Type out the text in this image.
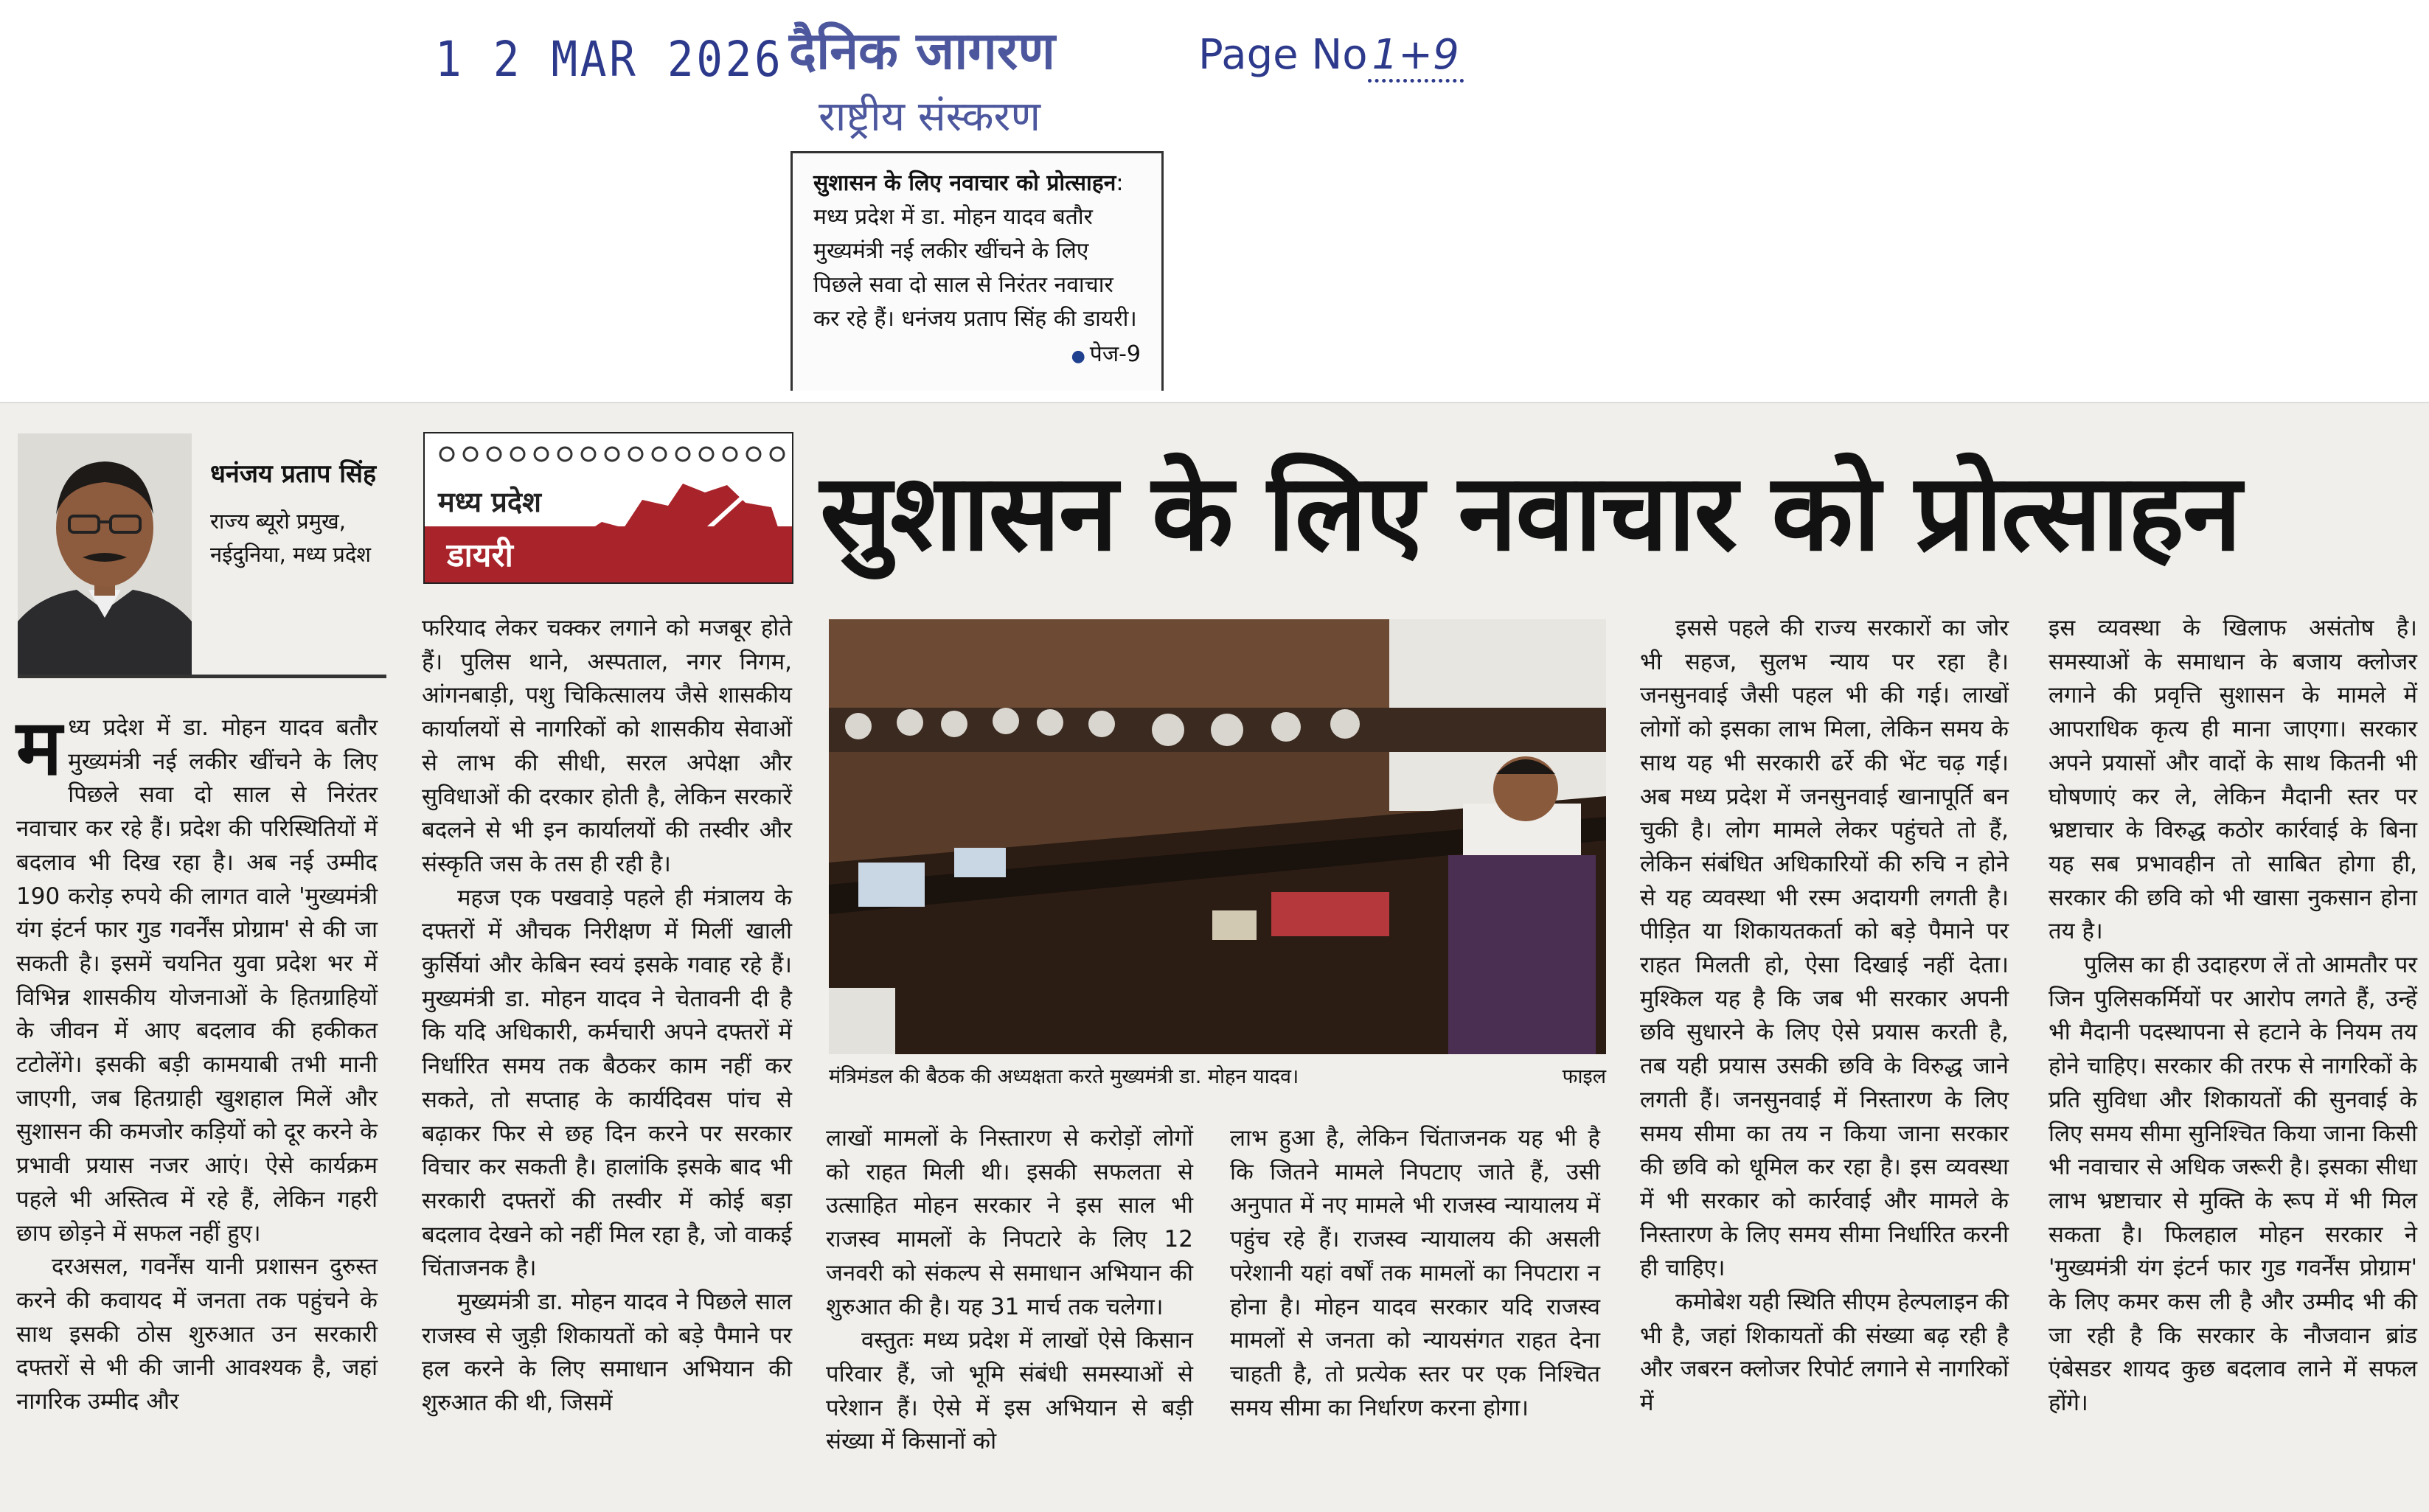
1 2 MAR 2026 दैनिक जागरण
राष्ट्रीय संस्करण
Page No 1+9
सुशासन के लिए नवाचार को प्रोत्साहन: मध्य प्रदेश में डा. मोहन यादव बतौर मुख्यमंत्री नई लकीर खींचने के लिए पिछले सवा दो साल से निरंतर नवाचार कर रहे हैं। धनंजय प्रताप सिंह की डायरी।
● पेज-9
धनंजय प्रताप सिंह
राज्य ब्यूरो प्रमुख,
नईदुनिया, मध्य प्रदेश
मध्य प्रदेश
डायरी	सुशासन के लिए नवाचार को प्रोत्साहन
मंत्रिमंडल की बैठक की अध्यक्षता करते मुख्यमंत्री डा. मोहन यादव।	फाइल

मध्य प्रदेश में डा. मोहन यादव बतौर मुख्यमंत्री नई लकीर खींचने के लिए पिछले सवा दो साल से निरंतर नवाचार कर रहे हैं। प्रदेश की परिस्थितियों में बदलाव भी दिख रहा है। अब नई उम्मीद 190 करोड़ रुपये की लागत वाले 'मुख्यमंत्री यंग इंटर्न फार गुड गवर्नेंस प्रोग्राम' से की जा सकती है। इसमें चयनित युवा प्रदेश भर में विभिन्न शासकीय योजनाओं के हितग्राहियों के जीवन में आए बदलाव की हकीकत टटोलेंगे। इसकी बड़ी कामयाबी तभी मानी जाएगी, जब हितग्राही खुशहाल मिलें और सुशासन की कमजोर कड़ियों को दूर करने के प्रभावी प्रयास नजर आएं। ऐसे कार्यक्रम पहले भी अस्तित्व में रहे हैं, लेकिन गहरी छाप छोड़ने में सफल नहीं हुए।

दरअसल, गवर्नेंस यानी प्रशासन दुरुस्त करने की कवायद में जनता तक पहुंचने के साथ इसकी ठोस शुरुआत उन सरकारी दफ्तरों से भी की जानी आवश्यक है, जहां नागरिक उम्मीद और

फरियाद लेकर चक्कर लगाने को मजबूर होते हैं। पुलिस थाने, अस्पताल, नगर निगम, आंगनबाड़ी, पशु चिकित्सालय जैसे शासकीय कार्यालयों से नागरिकों को शासकीय सेवाओं से लाभ की सीधी, सरल अपेक्षा और सुविधाओं की दरकार होती है, लेकिन सरकारें बदलने से भी इन कार्यालयों की तस्वीर और संस्कृति जस के तस ही रही है।

महज एक पखवाड़े पहले ही मंत्रालय के दफ्तरों में औचक निरीक्षण में मिलीं खाली कुर्सियां और केबिन स्वयं इसके गवाह रहे हैं। मुख्यमंत्री डा. मोहन यादव ने चेतावनी दी है कि यदि अधिकारी, कर्मचारी अपने दफ्तरों में निर्धारित समय तक बैठकर काम नहीं कर सकते, तो सप्ताह के कार्यदिवस पांच से बढ़ाकर फिर से छह दिन करने पर सरकार विचार कर सकती है। हालांकि इसके बाद भी सरकारी दफ्तरों की तस्वीर में कोई बड़ा बदलाव देखने को नहीं मिल रहा है, जो वाकई चिंताजनक है।

मुख्यमंत्री डा. मोहन यादव ने पिछले साल राजस्व से जुड़ी शिकायतों को बड़े पैमाने पर हल करने के लिए समाधान अभियान की शुरुआत की थी, जिसमें

लाखों मामलों के निस्तारण से करोड़ों लोगों को राहत मिली थी। इसकी सफलता से उत्साहित मोहन सरकार ने इस साल भी राजस्व मामलों के निपटारे के लिए 12 जनवरी को संकल्प से समाधान अभियान की शुरुआत की है। यह 31 मार्च तक चलेगा।

वस्तुतः मध्य प्रदेश में लाखों ऐसे किसान परिवार हैं, जो भूमि संबंधी समस्याओं से परेशान हैं। ऐसे में इस अभियान से बड़ी संख्या में किसानों को

लाभ हुआ है, लेकिन चिंताजनक यह भी है कि जितने मामले निपटाए जाते हैं, उसी अनुपात में नए मामले भी राजस्व न्यायालय में पहुंच रहे हैं। राजस्व न्यायालय की असली परेशानी यहां वर्षों तक मामलों का निपटारा न होना है। मोहन यादव सरकार यदि राजस्व मामलों से जनता को न्यायसंगत राहत देना चाहती है, तो प्रत्येक स्तर पर एक निश्चित समय सीमा का निर्धारण करना होगा।

इससे पहले की राज्य सरकारों का जोर भी सहज, सुलभ न्याय पर रहा है। जनसुनवाई जैसी पहल भी की गई। लाखों लोगों को इसका लाभ मिला, लेकिन समय के साथ यह भी सरकारी ढर्रे की भेंट चढ़ गई। अब मध्य प्रदेश में जनसुनवाई खानापूर्ति बन चुकी है। लोग मामले लेकर पहुंचते तो हैं, लेकिन संबंधित अधिकारियों की रुचि न होने से यह व्यवस्था भी रस्म अदायगी लगती है। पीड़ित या शिकायतकर्ता को बड़े पैमाने पर राहत मिलती हो, ऐसा दिखाई नहीं देता। मुश्किल यह है कि जब भी सरकार अपनी छवि सुधारने के लिए ऐसे प्रयास करती है, तब यही प्रयास उसकी छवि के विरुद्ध जाने लगती हैं। जनसुनवाई में निस्तारण के लिए समय सीमा का तय न किया जाना सरकार की छवि को धूमिल कर रहा है। इस व्यवस्था में भी सरकार को कार्रवाई और मामले के निस्तारण के लिए समय सीमा निर्धारित करनी ही चाहिए।

कमोबेश यही स्थिति सीएम हेल्पलाइन की भी है, जहां शिकायतों की संख्या बढ़ रही है और जबरन क्लोजर रिपोर्ट लगाने से नागरिकों में

इस व्यवस्था के खिलाफ असंतोष है। समस्याओं के समाधान के बजाय क्लोजर लगाने की प्रवृत्ति सुशासन के मामले में आपराधिक कृत्य ही माना जाएगा। सरकार अपने प्रयासों और वादों के साथ कितनी भी घोषणाएं कर ले, लेकिन मैदानी स्तर पर भ्रष्टाचार के विरुद्ध कठोर कार्रवाई के बिना यह सब प्रभावहीन तो साबित होगा ही, सरकार की छवि को भी खासा नुकसान होना तय है।

पुलिस का ही उदाहरण लें तो आमतौर पर जिन पुलिसकर्मियों पर आरोप लगते हैं, उन्हें भी मैदानी पदस्थापना से हटाने के नियम तय होने चाहिए। सरकार की तरफ से नागरिकों के प्रति सुविधा और शिकायतों की सुनवाई के लिए समय सीमा सुनिश्चित किया जाना किसी भी नवाचार से अधिक जरूरी है। इसका सीधा लाभ भ्रष्टाचार से मुक्ति के रूप में भी मिल सकता है। फिलहाल मोहन सरकार ने 'मुख्यमंत्री यंग इंटर्न फार गुड गवर्नेंस प्रोग्राम' के लिए कमर कस ली है और उम्मीद भी की जा रही है कि सरकार के नौजवान ब्रांड एंबेसडर शायद कुछ बदलाव लाने में सफल होंगे।
